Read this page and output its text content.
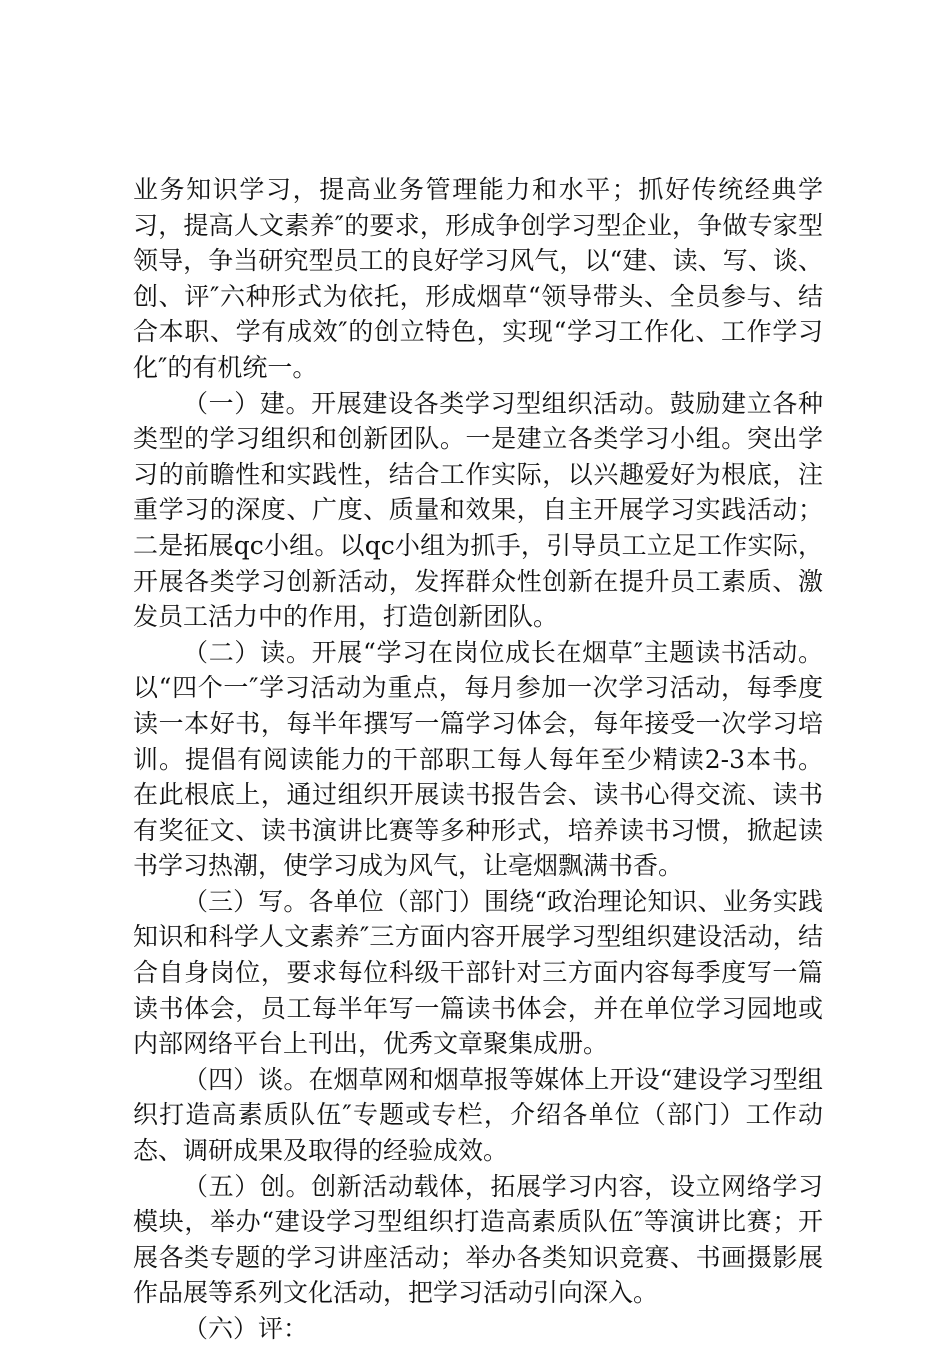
业务知识学习，提高业务管理能力和水平；抓好传统经典学习，提高人文素养″的要求，形成争创学习型企业，争做专家型领导，争当研究型员工的良好学习风气，以“建、读、写、谈、创、评″六种形式为依托，形成烟草“领导带头、全员参与、结合本职、学有成效″的创立特色，实现“学习工作化、工作学习化″的有机统一。

（一）建。开展建设各类学习型组织活动。鼓励建立各种类型的学习组织和创新团队。一是建立各类学习小组。突出学习的前瞻性和实践性，结合工作实际，以兴趣爱好为根底，注重学习的深度、广度、质量和效果，自主开展学习实践活动；二是拓展qc小组。以qc小组为抓手，引导员工立足工作实际，开展各类学习创新活动，发挥群众性创新在提升员工素质、激发员工活力中的作用，打造创新团队。

（二）读。开展“学习在岗位成长在烟草″主题读书活动。以“四个一″学习活动为重点，每月参加一次学习活动，每季度读一本好书，每半年撰写一篇学习体会，每年接受一次学习培训。提倡有阅读能力的干部职工每人每年至少精读2-3本书。在此根底上，通过组织开展读书报告会、读书心得交流、读书有奖征文、读书演讲比赛等多种形式，培养读书习惯，掀起读书学习热潮，使学习成为风气，让亳烟飘满书香。

（三）写。各单位（部门）围绕“政治理论知识、业务实践知识和科学人文素养″三方面内容开展学习型组织建设活动，结合自身岗位，要求每位科级干部针对三方面内容每季度写一篇读书体会，员工每半年写一篇读书体会，并在单位学习园地或内部网络平台上刊出，优秀文章聚集成册。

（四）谈。在烟草网和烟草报等媒体上开设“建设学习型组织打造高素质队伍″专题或专栏，介绍各单位（部门）工作动态、调研成果及取得的经验成效。

（五）创。创新活动载体，拓展学习内容，设立网络学习模块，举办“建设学习型组织打造高素质队伍″等演讲比赛；开展各类专题的学习讲座活动；举办各类知识竞赛、书画摄影展作品展等系列文化活动，把学习活动引向深入。

（六）评：
